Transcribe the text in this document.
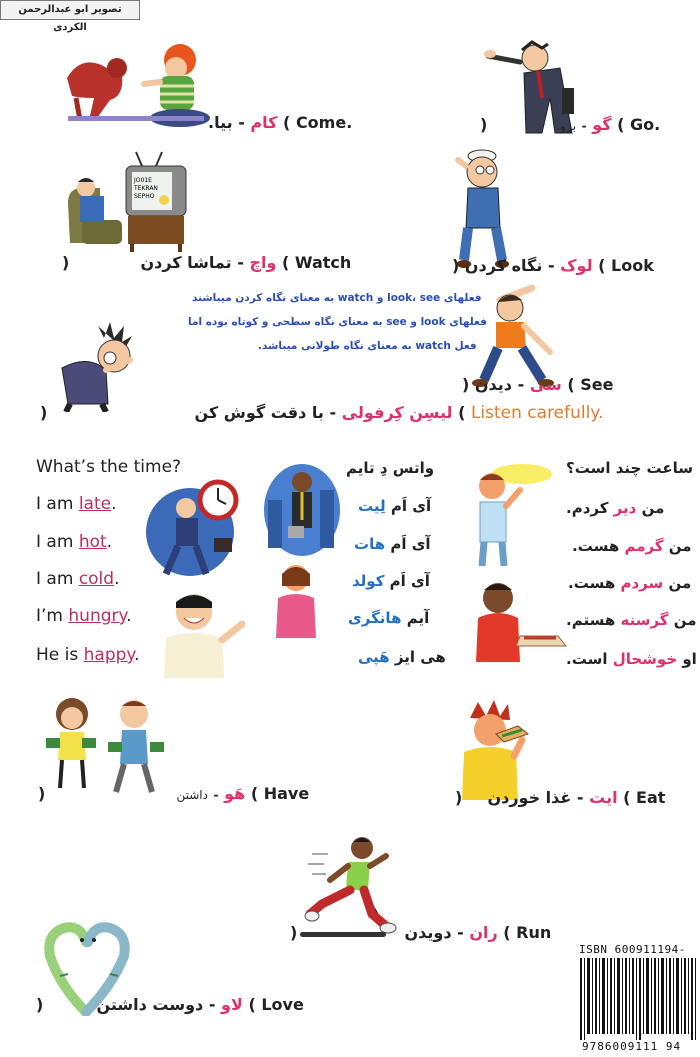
تصویر ابو عبدالرحمن الکردی
)	برو. - گو ( Go.
بیا. - کام ( Come.
JO01E
TEKRAN
SEPHO
)	تماشا کردن - واچ ( Watch	) نگاه کردن - لوک ( Look
فعلهای look، see و watch به معنای نگاه کردن میباشند
فعلهای look و see به معنای نگاه سطحی و کوتاه بوده اما
فعل watch به معنای نگاه طولانی میباشد.
) دیدن - سی ( See
)	با دقت گوش کن - لیسِن کِرفولی ( Listen carefully.
What’s the time?	واتس دِ تایم	ساعت چند است؟
I am late.	آی اَم لِیت	من دیر کردم.
I am hot.	آی اَم هات	من گرمم هست.
I am cold.	آی اَم کولد	من سردم هست.
I’m hungry.	آیم هانگری	من گرسنه هستم.
He is happy.	هی ایز هَپی	او خوشحال است.
)	داشتن - هَو ( Have	) غذا خوردن - ایت ( Eat
)	دویدن - ران ( Run
)	دوست داشتن - لاو ( Love
ISBN 600911194-
9786009111 94
